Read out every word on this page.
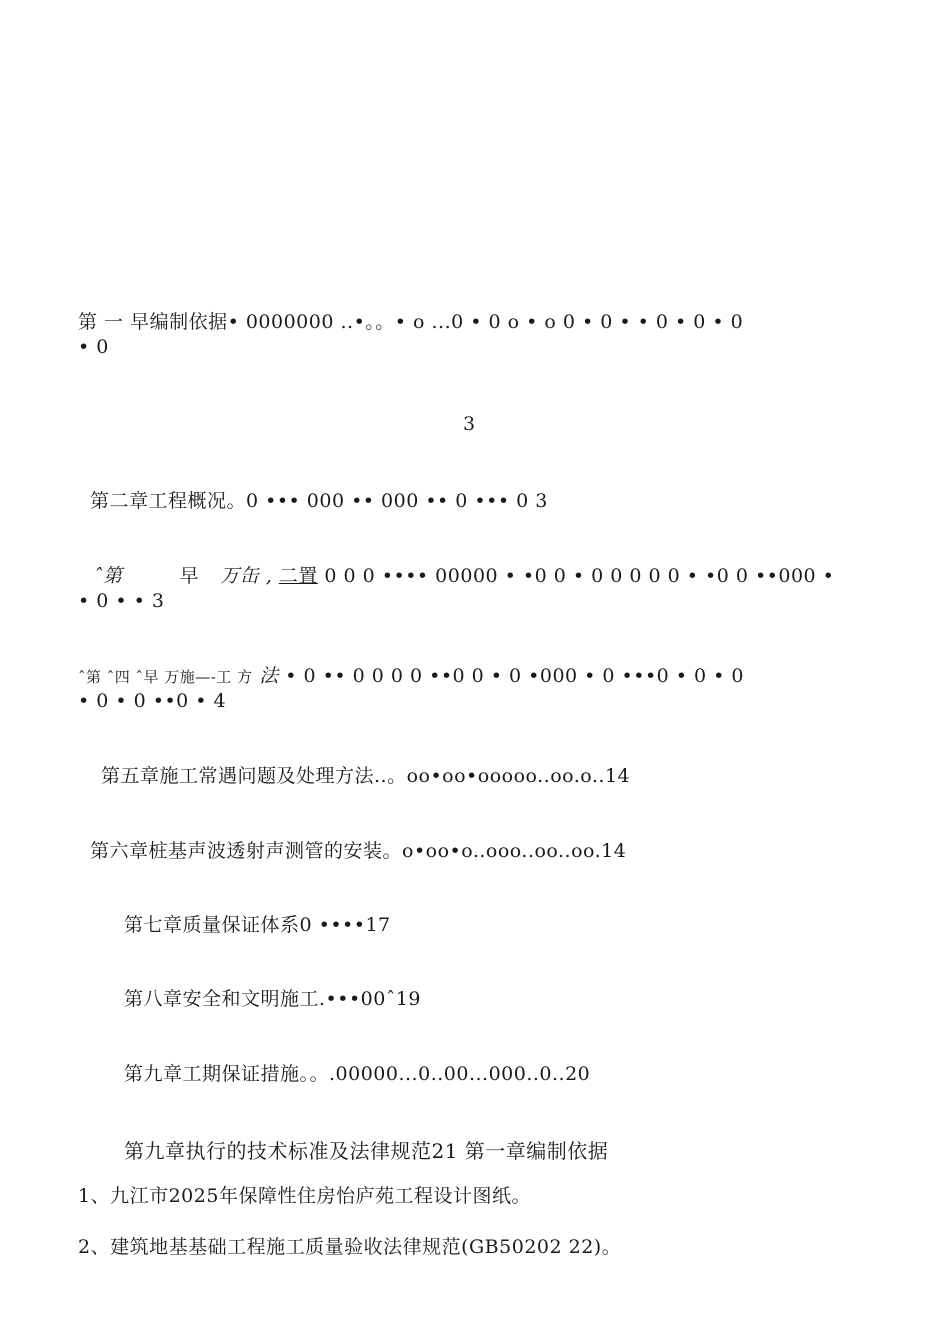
第 一 早编制依据• 0000000 ..•。。• o ...0 • 0 o • o 0 • 0 • • 0 • 0 • 0
• 0
3
第二章工程概况。0 ••• 000 •• 000 •• 0 ••• 0 3
ˆ第	早 万缶 , 二置 0 0 0 •••• 00000 • •0 0 • 0 0 0 0 0 • •0 0 ••000 •
• 0 • • 3
ˆ第 ˆ四 ˆ早 万施—-工 方 法 • 0 •• 0 0 0 0 ••0 0 • 0 •000 • 0 •••0 • 0 • 0
• 0 • 0 ••0 • 4
第五章施工常遇问题及处理方法..。oo•oo•ooooo..oo.o..14
第六章桩基声波透射声测管的安装。o•oo•o..ooo..oo..oo.14
第七章质量保证体系0 ••••17
第八章安全和文明施工.•••00ˆ19
第九章工期保证措施。。.00000...0..00...000..0..20
第九章执行的技术标准及法律规范21 第一章编制依据
1、九江市2025年保障性住房怡庐苑工程设计图纸。
2、建筑地基基础工程施工质量验收法律规范(GB50202 22)。
